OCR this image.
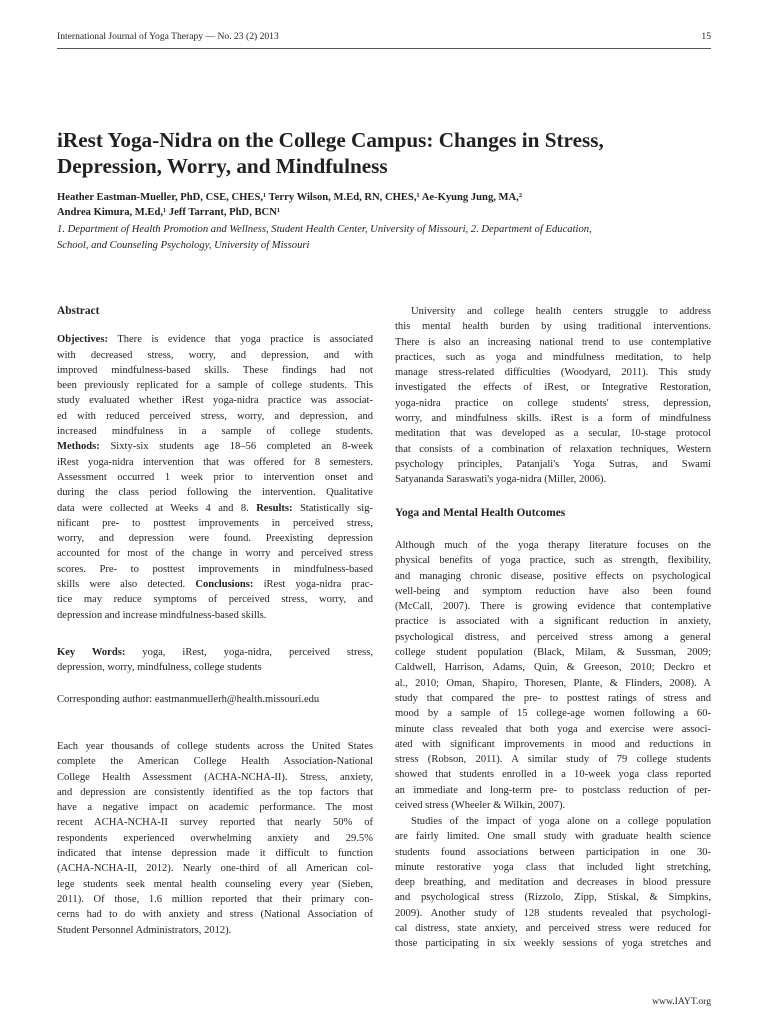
International Journal of Yoga Therapy — No. 23 (2) 2013	15
iRest Yoga-Nidra on the College Campus: Changes in Stress,
Depression, Worry, and Mindfulness
Heather Eastman-Mueller, PhD, CSE, CHES,¹ Terry Wilson, M.Ed, RN, CHES,¹ Ae-Kyung Jung, MA,²
Andrea Kimura, M.Ed,¹ Jeff Tarrant, PhD, BCN¹
1. Department of Health Promotion and Wellness, Student Health Center, University of Missouri, 2. Department of Education,
School, and Counseling Psychology, University of Missouri
Abstract
Objectives: There is evidence that yoga practice is associated
with decreased stress, worry, and depression, and with
improved mindfulness-based skills. These findings had not
been previously replicated for a sample of college students. This
study evaluated whether iRest yoga-nidra practice was associat-
ed with reduced perceived stress, worry, and depression, and
increased mindfulness in a sample of college students.
Methods: Sixty-six students age 18–56 completed an 8-week
iRest yoga-nidra intervention that was offered for 8 semesters.
Assessment occurred 1 week prior to intervention onset and
during the class period following the intervention. Qualitative
data were collected at Weeks 4 and 8. Results: Statistically sig-
nificant pre- to posttest improvements in perceived stress,
worry, and depression were found. Preexisting depression
accounted for most of the change in worry and perceived stress
scores. Pre- to posttest improvements in mindfulness-based
skills were also detected. Conclusions: iRest yoga-nidra prac-
tice may reduce symptoms of perceived stress, worry, and
depression and increase mindfulness-based skills.
Key Words: yoga, iRest, yoga-nidra, perceived stress,
depression, worry, mindfulness, college students
Corresponding author: eastmanmuellerh@health.missouri.edu
Each year thousands of college students across the United States
complete the American College Health Association-National
College Health Assessment (ACHA-NCHA-II). Stress, anxiety,
and depression are consistently identified as the top factors that
have a negative impact on academic performance. The most
recent ACHA-NCHA-II survey reported that nearly 50% of
respondents experienced overwhelming anxiety and 29.5%
indicated that intense depression made it difficult to function
(ACHA-NCHA-II, 2012). Nearly one-third of all American col-
lege students seek mental health counseling every year (Sieben,
2011). Of those, 1.6 million reported that their primary con-
cerns had to do with anxiety and stress (National Association of
Student Personnel Administrators, 2012).
University and college health centers struggle to address
this mental health burden by using traditional interventions.
There is also an increasing national trend to use contemplative
practices, such as yoga and mindfulness meditation, to help
manage stress-related difficulties (Woodyard, 2011). This study
investigated the effects of iRest, or Integrative Restoration,
yoga-nidra practice on college students' stress, depression,
worry, and mindfulness skills. iRest is a form of mindfulness
meditation that was developed as a secular, 10-stage protocol
that consists of a combination of relaxation techniques, Western
psychology principles, Patanjali's Yoga Sutras, and Swami
Satyananda Saraswati's yoga-nidra (Miller, 2006).
Yoga and Mental Health Outcomes
Although much of the yoga therapy literature focuses on the
physical benefits of yoga practice, such as strength, flexibility,
and managing chronic disease, positive effects on psychological
well-being and symptom reduction have also been found
(McCall, 2007). There is growing evidence that contemplative
practice is associated with a significant reduction in anxiety,
psychological distress, and perceived stress among a general
college student population (Black, Milam, & Sussman, 2009;
Caldwell, Harrison, Adams, Quin, & Greeson, 2010; Deckro et
al., 2010; Oman, Shapiro, Thoresen, Plante, & Flinders, 2008). A
study that compared the pre- to posttest ratings of stress and
mood by a sample of 15 college-age women following a 60-
minute class revealed that both yoga and exercise were associ-
ated with significant improvements in mood and reductions in
stress (Robson, 2011). A similar study of 79 college students
showed that students enrolled in a 10-week yoga class reported
an immediate and long-term pre- to postclass reduction of per-
ceived stress (Wheeler & Wilkin, 2007).
Studies of the impact of yoga alone on a college population
are fairly limited. One small study with graduate health science
students found associations between participation in one 30-
minute restorative yoga class that included light stretching,
deep breathing, and meditation and decreases in blood pressure
and psychological stress (Rizzolo, Zipp, Stiskal, & Simpkins,
2009). Another study of 128 students revealed that psychologi-
cal distress, state anxiety, and perceived stress were reduced for
those participating in six weekly sessions of yoga stretches and
www.IAYT.org
